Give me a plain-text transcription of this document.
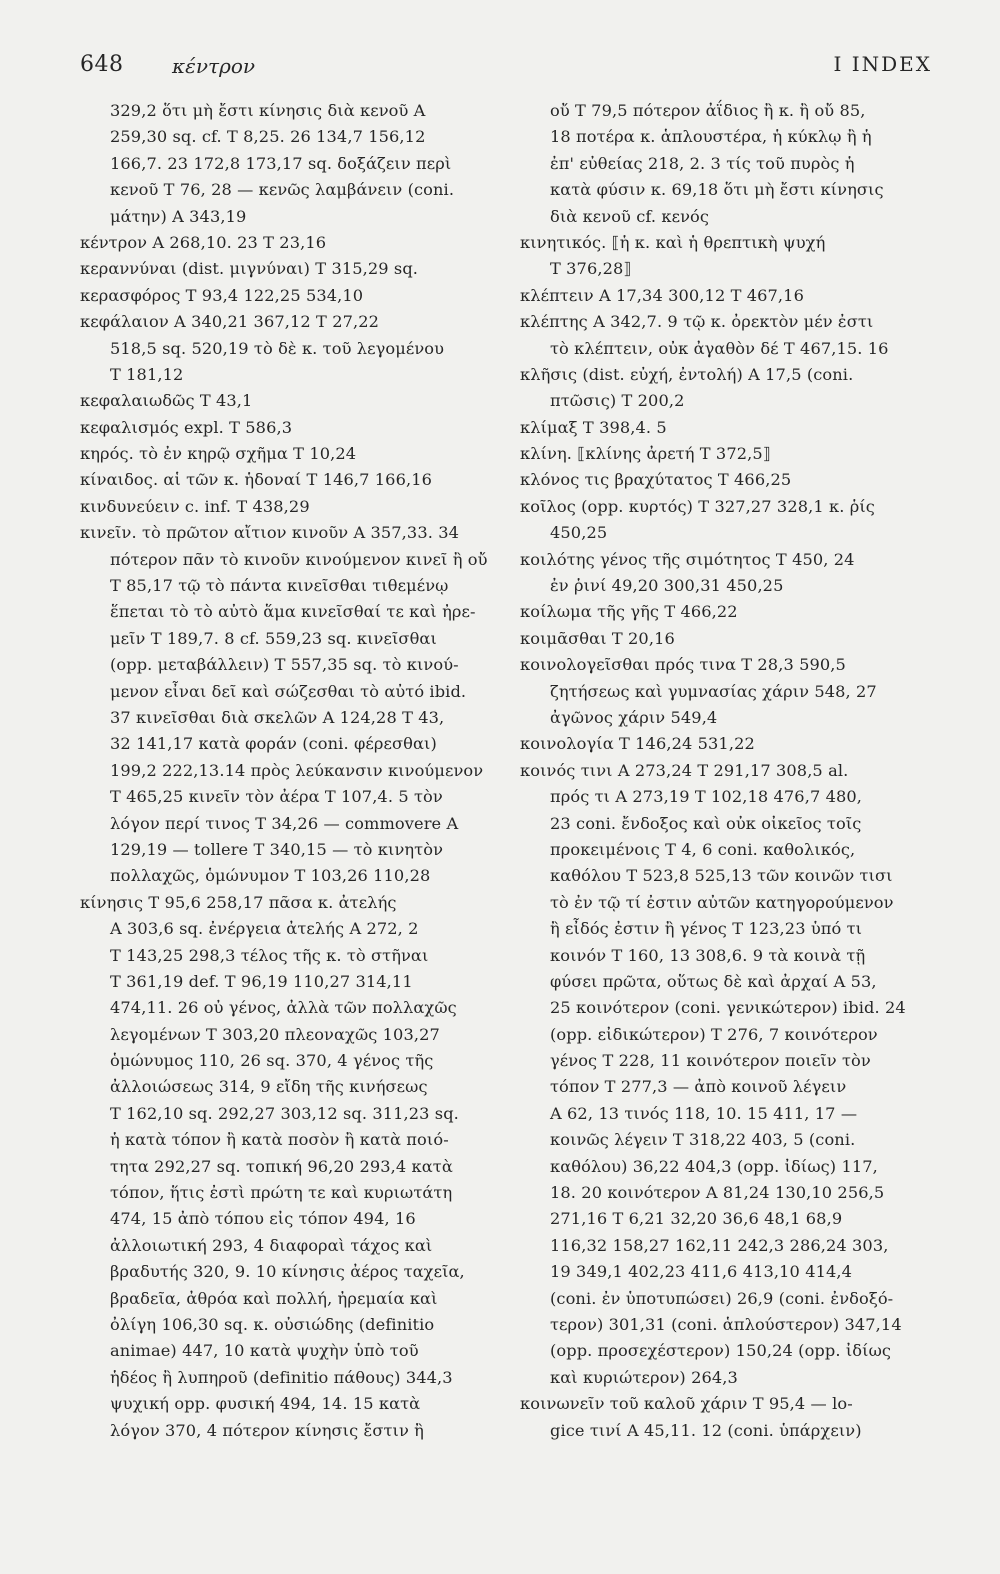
648 κέντρον	I INDEX
329,2 ὅτι μὴ ἔστι κίνησις διὰ κενοῦ Α
259,30 sq. cf. Τ 8,25. 26 134,7 156,12
166,7. 23 172,8 173,17 sq. δοξάζειν περὶ
κενοῦ Τ 76, 28 — κενῶς λαμβάνειν (coni.
μάτην) Α 343,19
κέντρον Α 268,10. 23 Τ 23,16
κεραννύναι (dist. μιγνύναι) Τ 315,29 sq.
κερασφόρος Τ 93,4 122,25 534,10
κεφάλαιον Α 340,21 367,12 Τ 27,22
518,5 sq. 520,19 τὸ δὲ κ. τοῦ λεγομένου
Τ 181,12
κεφαλαιωδῶς Τ 43,1
κεφαλισμός expl. Τ 586,3
κηρός. τὸ ἐν κηρῷ σχῆμα Τ 10,24
κίναιδος. αἱ τῶν κ. ἡδοναί Τ 146,7 166,16
κινδυνεύειν c. inf. Τ 438,29
κινεῖν. τὸ πρῶτον αἴτιον κινοῦν Α 357,33. 34
πότερον πᾶν τὸ κινοῦν κινούμενον κινεῖ ἢ οὔ
Τ 85,17 τῷ τὸ πάντα κινεῖσθαι τιθεμένῳ
ἕπεται τὸ τὸ αὐτὸ ἅμα κινεῖσθαί τε καὶ ἠρε-
μεῖν Τ 189,7. 8 cf. 559,23 sq. κινεῖσθαι
(opp. μεταβάλλειν) Τ 557,35 sq. τὸ κινού-
μενον εἶναι δεῖ καὶ σώζεσθαι τὸ αὐτό ibid.
37 κινεῖσθαι διὰ σκελῶν Α 124,28 Τ 43,
32 141,17 κατὰ φοράν (coni. φέρεσθαι)
199,2 222,13.14 πρὸς λεύκανσιν κινούμενον
Τ 465,25 κινεῖν τὸν ἀέρα Τ 107,4. 5 τὸν
λόγον περί τινος Τ 34,26 — commovere Α
129,19 — tollere Τ 340,15 — τὸ κινητὸν
πολλαχῶς, ὁμώνυμον Τ 103,26 110,28
κίνησις Τ 95,6 258,17 πᾶσα κ. ἀτελής
Α 303,6 sq. ἐνέργεια ἀτελής Α 272, 2
Τ 143,25 298,3 τέλος τῆς κ. τὸ στῆναι
Τ 361,19 def. Τ 96,19 110,27 314,11
474,11. 26 οὐ γένος, ἀλλὰ τῶν πολλαχῶς
λεγομένων Τ 303,20 πλεοναχῶς 103,27
ὁμώνυμος 110, 26 sq. 370, 4 γένος τῆς
ἀλλοιώσεως 314, 9 εἴδη τῆς κινήσεως
Τ 162,10 sq. 292,27 303,12 sq. 311,23 sq.
ἡ κατὰ τόπον ἢ κατὰ ποσὸν ἢ κατὰ ποιό-
τητα 292,27 sq. τοπική 96,20 293,4 κατὰ
τόπον, ἥτις ἐστὶ πρώτη τε καὶ κυριωτάτη
474, 15 ἀπὸ τόπου εἰς τόπον 494, 16
ἀλλοιωτική 293, 4 διαφοραὶ τάχος καὶ
βραδυτής 320, 9. 10 κίνησις ἀέρος ταχεῖα,
βραδεῖα, ἀθρόα καὶ πολλή, ἠρεμαία καὶ
ὀλίγη 106,30 sq. κ. οὐσιώδης (definitio
animae) 447, 10 κατὰ ψυχὴν ὑπὸ τοῦ
ἡδέος ἢ λυπηροῦ (definitio πάθους) 344,3
ψυχική opp. φυσική 494, 14. 15 κατὰ
λόγον 370, 4 πότερον κίνησις ἔστιν ἢ
οὔ Τ 79,5 πότερον ἀΐδιος ἢ κ. ἢ οὔ 85,
18 ποτέρα κ. ἁπλουστέρα, ἡ κύκλῳ ἢ ἡ
ἐπ' εὐθείας 218, 2. 3 τίς τοῦ πυρὸς ἡ
κατὰ φύσιν κ. 69,18 ὅτι μὴ ἔστι κίνησις
διὰ κενοῦ cf. κενός
κινητικός. ⟦ἡ κ. καὶ ἡ θρεπτικὴ ψυχή
Τ 376,28⟧
κλέπτειν Α 17,34 300,12 Τ 467,16
κλέπτης Α 342,7. 9 τῷ κ. ὀρεκτὸν μέν ἐστι
τὸ κλέπτειν, οὐκ ἀγαθὸν δέ Τ 467,15. 16
κλῆσις (dist. εὐχή, ἐντολή) Α 17,5 (coni.
πτῶσις) Τ 200,2
κλίμαξ Τ 398,4. 5
κλίνη. ⟦κλίνης ἀρετή Τ 372,5⟧
κλόνος τις βραχύτατος Τ 466,25
κοῖλος (opp. κυρτός) Τ 327,27 328,1 κ. ῥίς
450,25
κοιλότης γένος τῆς σιμότητος Τ 450, 24
ἐν ῥινί 49,20 300,31 450,25
κοίλωμα τῆς γῆς Τ 466,22
κοιμᾶσθαι Τ 20,16
κοινολογεῖσθαι πρός τινα Τ 28,3 590,5
ζητήσεως καὶ γυμνασίας χάριν 548, 27
ἀγῶνος χάριν 549,4
κοινολογία Τ 146,24 531,22
κοινός τινι Α 273,24 Τ 291,17 308,5 al.
πρός τι Α 273,19 Τ 102,18 476,7 480,
23 coni. ἔνδοξος καὶ οὐκ οἰκεῖος τοῖς
προκειμένοις Τ 4, 6 coni. καθολικός,
καθόλου Τ 523,8 525,13 τῶν κοινῶν τισι
τὸ ἐν τῷ τί ἐστιν αὐτῶν κατηγορούμενον
ἢ εἶδός ἐστιν ἢ γένος Τ 123,23 ὑπό τι
κοινόν Τ 160, 13 308,6. 9 τὰ κοινὰ τῇ
φύσει πρῶτα, οὕτως δὲ καὶ ἀρχαί Α 53,
25 κοινότερον (coni. γενικώτερον) ibid. 24
(opp. εἰδικώτερον) Τ 276, 7 κοινότερον
γένος Τ 228, 11 κοινότερον ποιεῖν τὸν
τόπον Τ 277,3 — ἀπὸ κοινοῦ λέγειν
Α 62, 13 τινός 118, 10. 15 411, 17 —
κοινῶς λέγειν Τ 318,22 403, 5 (coni.
καθόλου) 36,22 404,3 (opp. ἰδίως) 117,
18. 20 κοινότερον Α 81,24 130,10 256,5
271,16 Τ 6,21 32,20 36,6 48,1 68,9
116,32 158,27 162,11 242,3 286,24 303,
19 349,1 402,23 411,6 413,10 414,4
(coni. ἐν ὑποτυπώσει) 26,9 (coni. ἐνδοξό-
τερον) 301,31 (coni. ἁπλούστερον) 347,14
(opp. προσεχέστερον) 150,24 (opp. ἰδίως
καὶ κυριώτερον) 264,3
κοινωνεῖν τοῦ καλοῦ χάριν Τ 95,4 — lo-
gice τινί Α 45,11. 12 (coni. ὑπάρχειν)
